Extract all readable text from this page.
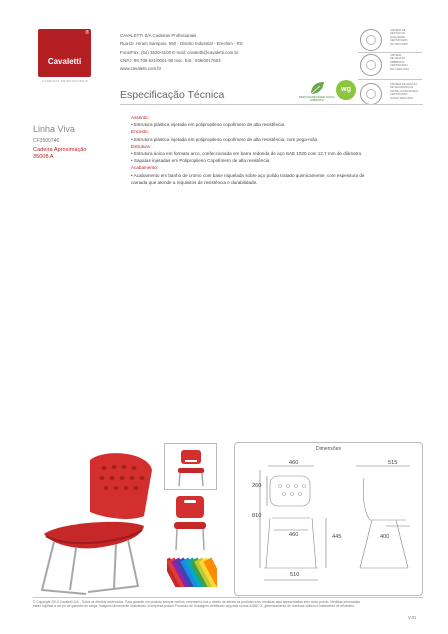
®
Cavaletti
CADEIRAS PROFISSIONAIS
CAVALETTI S/A Cadeiras Profissionais
Rua Dr. Hiram Sampaio, 550 - Distrito Industrial - Erechim - RS
Fone/Fax: (54) 3520-4100 E-mail: cavaletti@cavaletti.com.br
CNPJ: 88.709.821/0001-90 Insc. Est.: 039/0017663
www.cavaletti.com.br
SISTEMA DE
GESTÃO DA
QUALIDADE
CERTIFICADO
ISO 9001:2008
SISTEMA
DE GESTÃO
AMBIENTAL
CERTIFICADO
ISO 14001:2004
SISTEMA DE GESTÃO
DE SEGURANÇA E
SAÚDE OCUPACIONAL
CERTIFICADO
OHSAS 18001:2007
RESPONSABILIDADE SÓCIO-AMBIENTAL
wg
Especificação Técnica
Linha Viva
CF3500746
Cadeira Aproximação
35008 A
Assento:
• Estrutura plástica injetada em polipropileno copolímero de alta resistência.
Encosto:
• Estrutura plástica injetada em polipropileno copolímero de alta resistência, com pega-mão.
Estrutura:
• Estrutura única em formato arco, confeccionada em barra redonda de aço SAE 1020 com 12,7 mm de diâmetro.
• Sapatas injetadas em Polipropileno Copolímero de alta resistência.
Acabamento:
• Acabamento em banho de cromo com base niquelada sobre aço polido tratado quimicamente, com espessura de
camada que atende a requisitos de resistência e durabilidade.
Dimensões
460	515
260
810
460	445	400
510
© Copyright 2013 Cavaletti S/A - Todos os direitos reservados. Para garantir um produto sempre melhor, reservamo-nos o direito de alterar os produtos e/ou medidas aqui apresentadas sem aviso prévio. Medidas informadas
estão sujeitas a um pé de gabarito de carga. Imagens Meramente Ilustrativas. A empresa possui Processo de Soldagem certificado segundo norma ASME IX, gerenciamento de resíduos sólidos e tratamento de efluentes.
V.01
